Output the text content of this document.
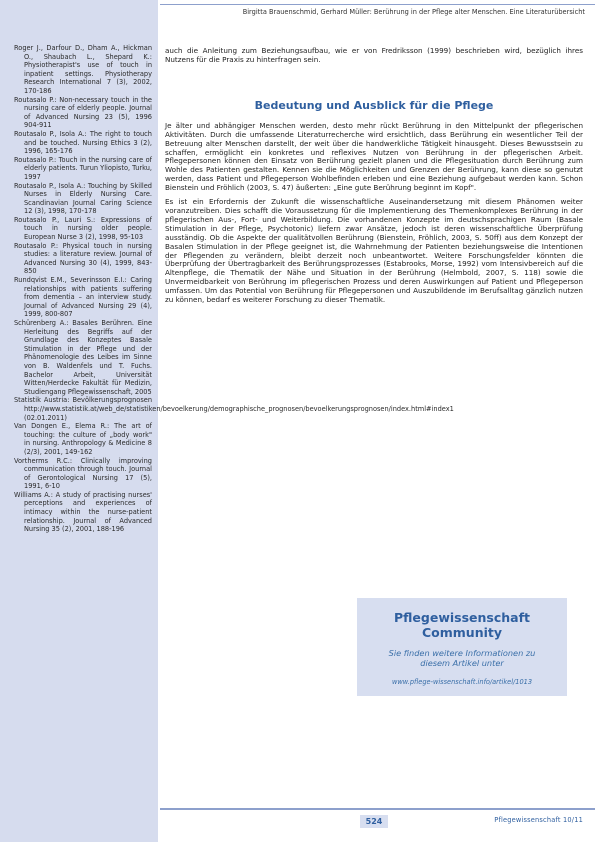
Birgitta Brauenschmid, Gerhard Müller: Berührung in der Pflege alter Menschen. Eine Literaturübersicht

Roger J., Darfour D., Dham A., Hickman O., Shaubach L., Shepard K.: Physiotherapist's use of touch in inpatient settings. Physiotherapy Research International 7 (3), 2002, 170-186

Routasalo P.: Non-necessary touch in the nursing care of elderly people. Journal of Advanced Nursing 23 (5), 1996 904-911

Routasalo P., Isola A.: The right to touch and be touched. Nursing Ethics 3 (2), 1996, 165-176

Routasalo P.: Touch in the nursing care of elderly patients. Turun Yliopisto, Turku, 1997

Routasalo P., Isola A.: Touching by Skilled Nurses in Elderly Nursing Care. Scandinavian Journal Caring Science 12 (3), 1998, 170-178

Routasalo P., Lauri S.: Expressions of touch in nursing older people. European Nurse 3 (2), 1998, 95-103

Routasalo P.: Physical touch in nursing studies: a literature review. Journal of Advanced Nursing 30 (4), 1999, 843-850

Rundqvist E.M., Severinsson E.I.: Caring relationships with patients suffering from dementia – an interview study. Journal of Advanced Nursing 29 (4), 1999, 800-807

Schürenberg A.: Basales Berühren. Eine Herleitung des Begriffs auf der Grundlage des Konzeptes Basale Stimulation in der Pflege und der Phänomenologie des Leibes im Sinne von B. Waldenfels und T. Fuchs. Bachelor Arbeit, Universität Witten/Herdecke Fakultät für Medizin, Studiengang Pflegewissenschaft, 2005

Statistik Austria: Bevölkerungsprognosen http://www.statistik.at/web_de/statistiken/bevoelkerung/demographische_prognosen/bevoelkerungsprognosen/index.html#index1 (02.01.2011)

Van Dongen E., Elema R.: The art of touching: the culture of „body work" in nursing. Anthropology & Medicine 8 (2/3), 2001, 149-162

Vortherms R.C.: Clinically improving communication through touch. Journal of Gerontological Nursing 17 (5), 1991, 6-10

Williams A.: A study of practising nurses' perceptions and experiences of intimacy within the nurse-patient relationship. Journal of Advanced Nursing 35 (2), 2001, 188-196

auch die Anleitung zum Beziehungsaufbau, wie er von Fredriksson (1999) beschrieben wird, bezüglich ihres Nutzens für die Praxis zu hinterfragen sein.

Bedeutung und Ausblick für die Pflege

Je älter und abhängiger Menschen werden, desto mehr rückt Berührung in den Mittelpunkt der pflegerischen Aktivitäten. Durch die umfassende Literaturrecherche wird ersichtlich, dass Berührung ein wesentlicher Teil der Betreuung alter Menschen darstellt, der weit über die handwerkliche Tätigkeit hinausgeht. Dieses Bewusstsein zu schaffen, ermöglicht ein konkretes und reflexives Nutzen von Berührung in der pflegerischen Arbeit. Pflegepersonen können den Einsatz von Berührung gezielt planen und die Pflegesituation durch Berührung zum Wohle des Patienten gestalten. Kennen sie die Möglichkeiten und Grenzen der Berührung, kann diese so genutzt werden, dass Patient und Pflegeperson Wohlbefinden erleben und eine Beziehung aufgebaut werden kann. Schon Bienstein und Fröhlich (2003, S. 47) äußerten: „Eine gute Berührung beginnt im Kopf".

Es ist ein Erfordernis der Zukunft die wissenschaftliche Auseinandersetzung mit diesem Phänomen weiter voranzutreiben. Dies schafft die Voraussetzung für die Implementierung des Themenkomplexes Berührung in der pflegerischen Aus-, Fort- und Weiterbildung. Die vorhandenen Konzepte im deutschsprachigen Raum (Basale Stimulation in der Pflege, Psychotonic) liefern zwar Ansätze, jedoch ist deren wissenschaftliche Überprüfung ausständig. Ob die Aspekte der qualitätvollen Berührung (Bienstein, Fröhlich, 2003, S. 50ff) aus dem Konzept der Basalen Stimulation in der Pflege geeignet ist, die Wahrnehmung der Patienten beziehungsweise die Intentionen der Pflegenden zu verändern, bleibt derzeit noch unbeantwortet. Weitere Forschungsfelder könnten die Überprüfung der Übertragbarkeit des Berührungsprozesses (Estabrooks, Morse, 1992) vom Intensivbereich auf die Altenpflege, die Thematik der Nähe und Situation in der Berührung (Helmbold, 2007, S. 118) sowie die Unvermeidbarkeit von Berührung im pflegerischen Prozess und deren Auswirkungen auf Patient und Pflegeperson umfassen. Um das Potential von Berührung für Pflegepersonen und Auszubildende im Berufsalltag gänzlich nutzen zu können, bedarf es weiterer Forschung zu dieser Thematik.

Pflegewissenschaft
Community

Sie finden weitere Informationen zu
diesem Artikel unter

www.pflege-wissenschaft.info/artikel/1013

524	Pflegewissenschaft 10/11
